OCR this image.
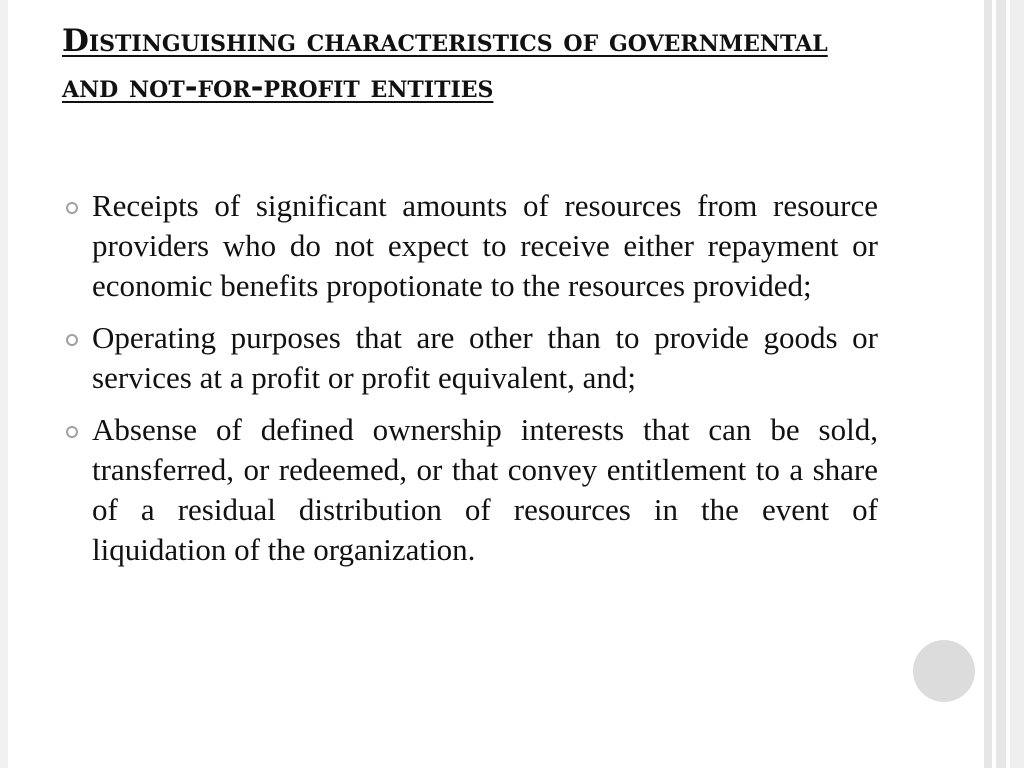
Distinguishing characteristics of governmental and not-for-profit entities
Receipts of significant amounts of resources from resource providers who do not expect to receive either repayment or economic benefits propotionate to the resources provided;
Operating purposes that are other than to provide goods or services at a profit or profit equivalent, and;
Absense of defined ownership interests that can be sold, transferred, or redeemed, or that convey entitlement to a share of a residual distribution of resources in the event of liquidation of the organization.
